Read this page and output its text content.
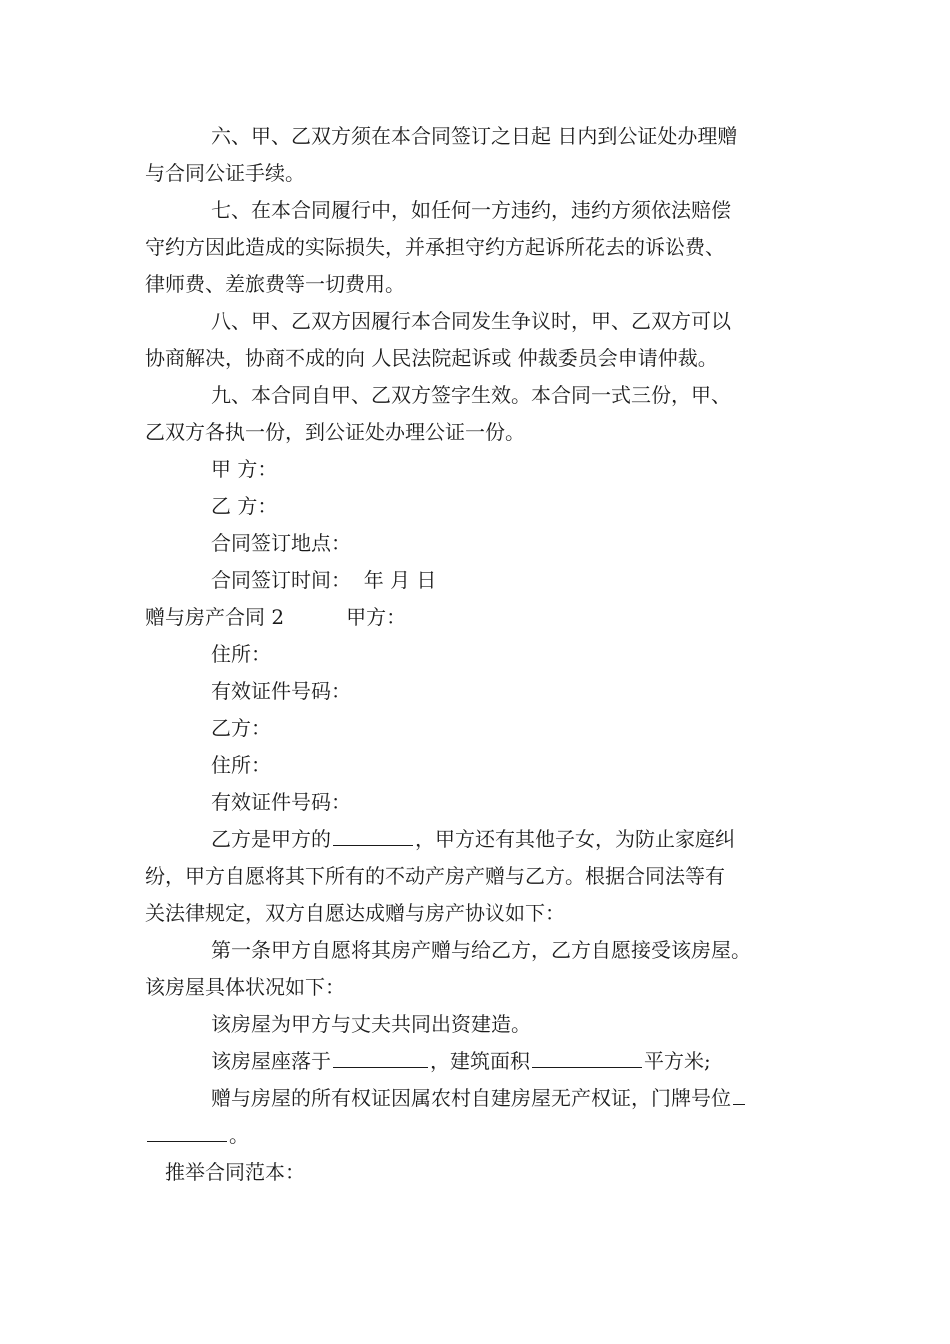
六、甲、乙双方须在本合同签订之日起 日内到公证处办理赠
与合同公证手续。
七、在本合同履行中，如任何一方违约，违约方须依法赔偿
守约方因此造成的实际损失，并承担守约方起诉所花去的诉讼费、
律师费、差旅费等一切费用。
八、甲、乙双方因履行本合同发生争议时，甲、乙双方可以
协商解决，协商不成的向 人民法院起诉或 仲裁委员会申请仲裁。
九、本合同自甲、乙双方签字生效。本合同一式三份，甲、
乙双方各执一份，到公证处办理公证一份。
甲 方：
乙 方：
合同签订地点：
合同签订时间：  年 月 日
赠与房产合同 2	甲方：
住所：
有效证件号码：
乙方：
住所：
有效证件号码：
乙方是甲方的	，甲方还有其他子女，为防止家庭纠
纷，甲方自愿将其下所有的不动产房产赠与乙方。根据合同法等有
关法律规定，双方自愿达成赠与房产协议如下：
第一条甲方自愿将其房产赠与给乙方，乙方自愿接受该房屋。
该房屋具体状况如下：
该房屋为甲方与丈夫共同出资建造。
该房屋座落于	，建筑面积	平方米;
赠与房屋的所有权证因属农村自建房屋无产权证，门牌号位
。
推举合同范本：
